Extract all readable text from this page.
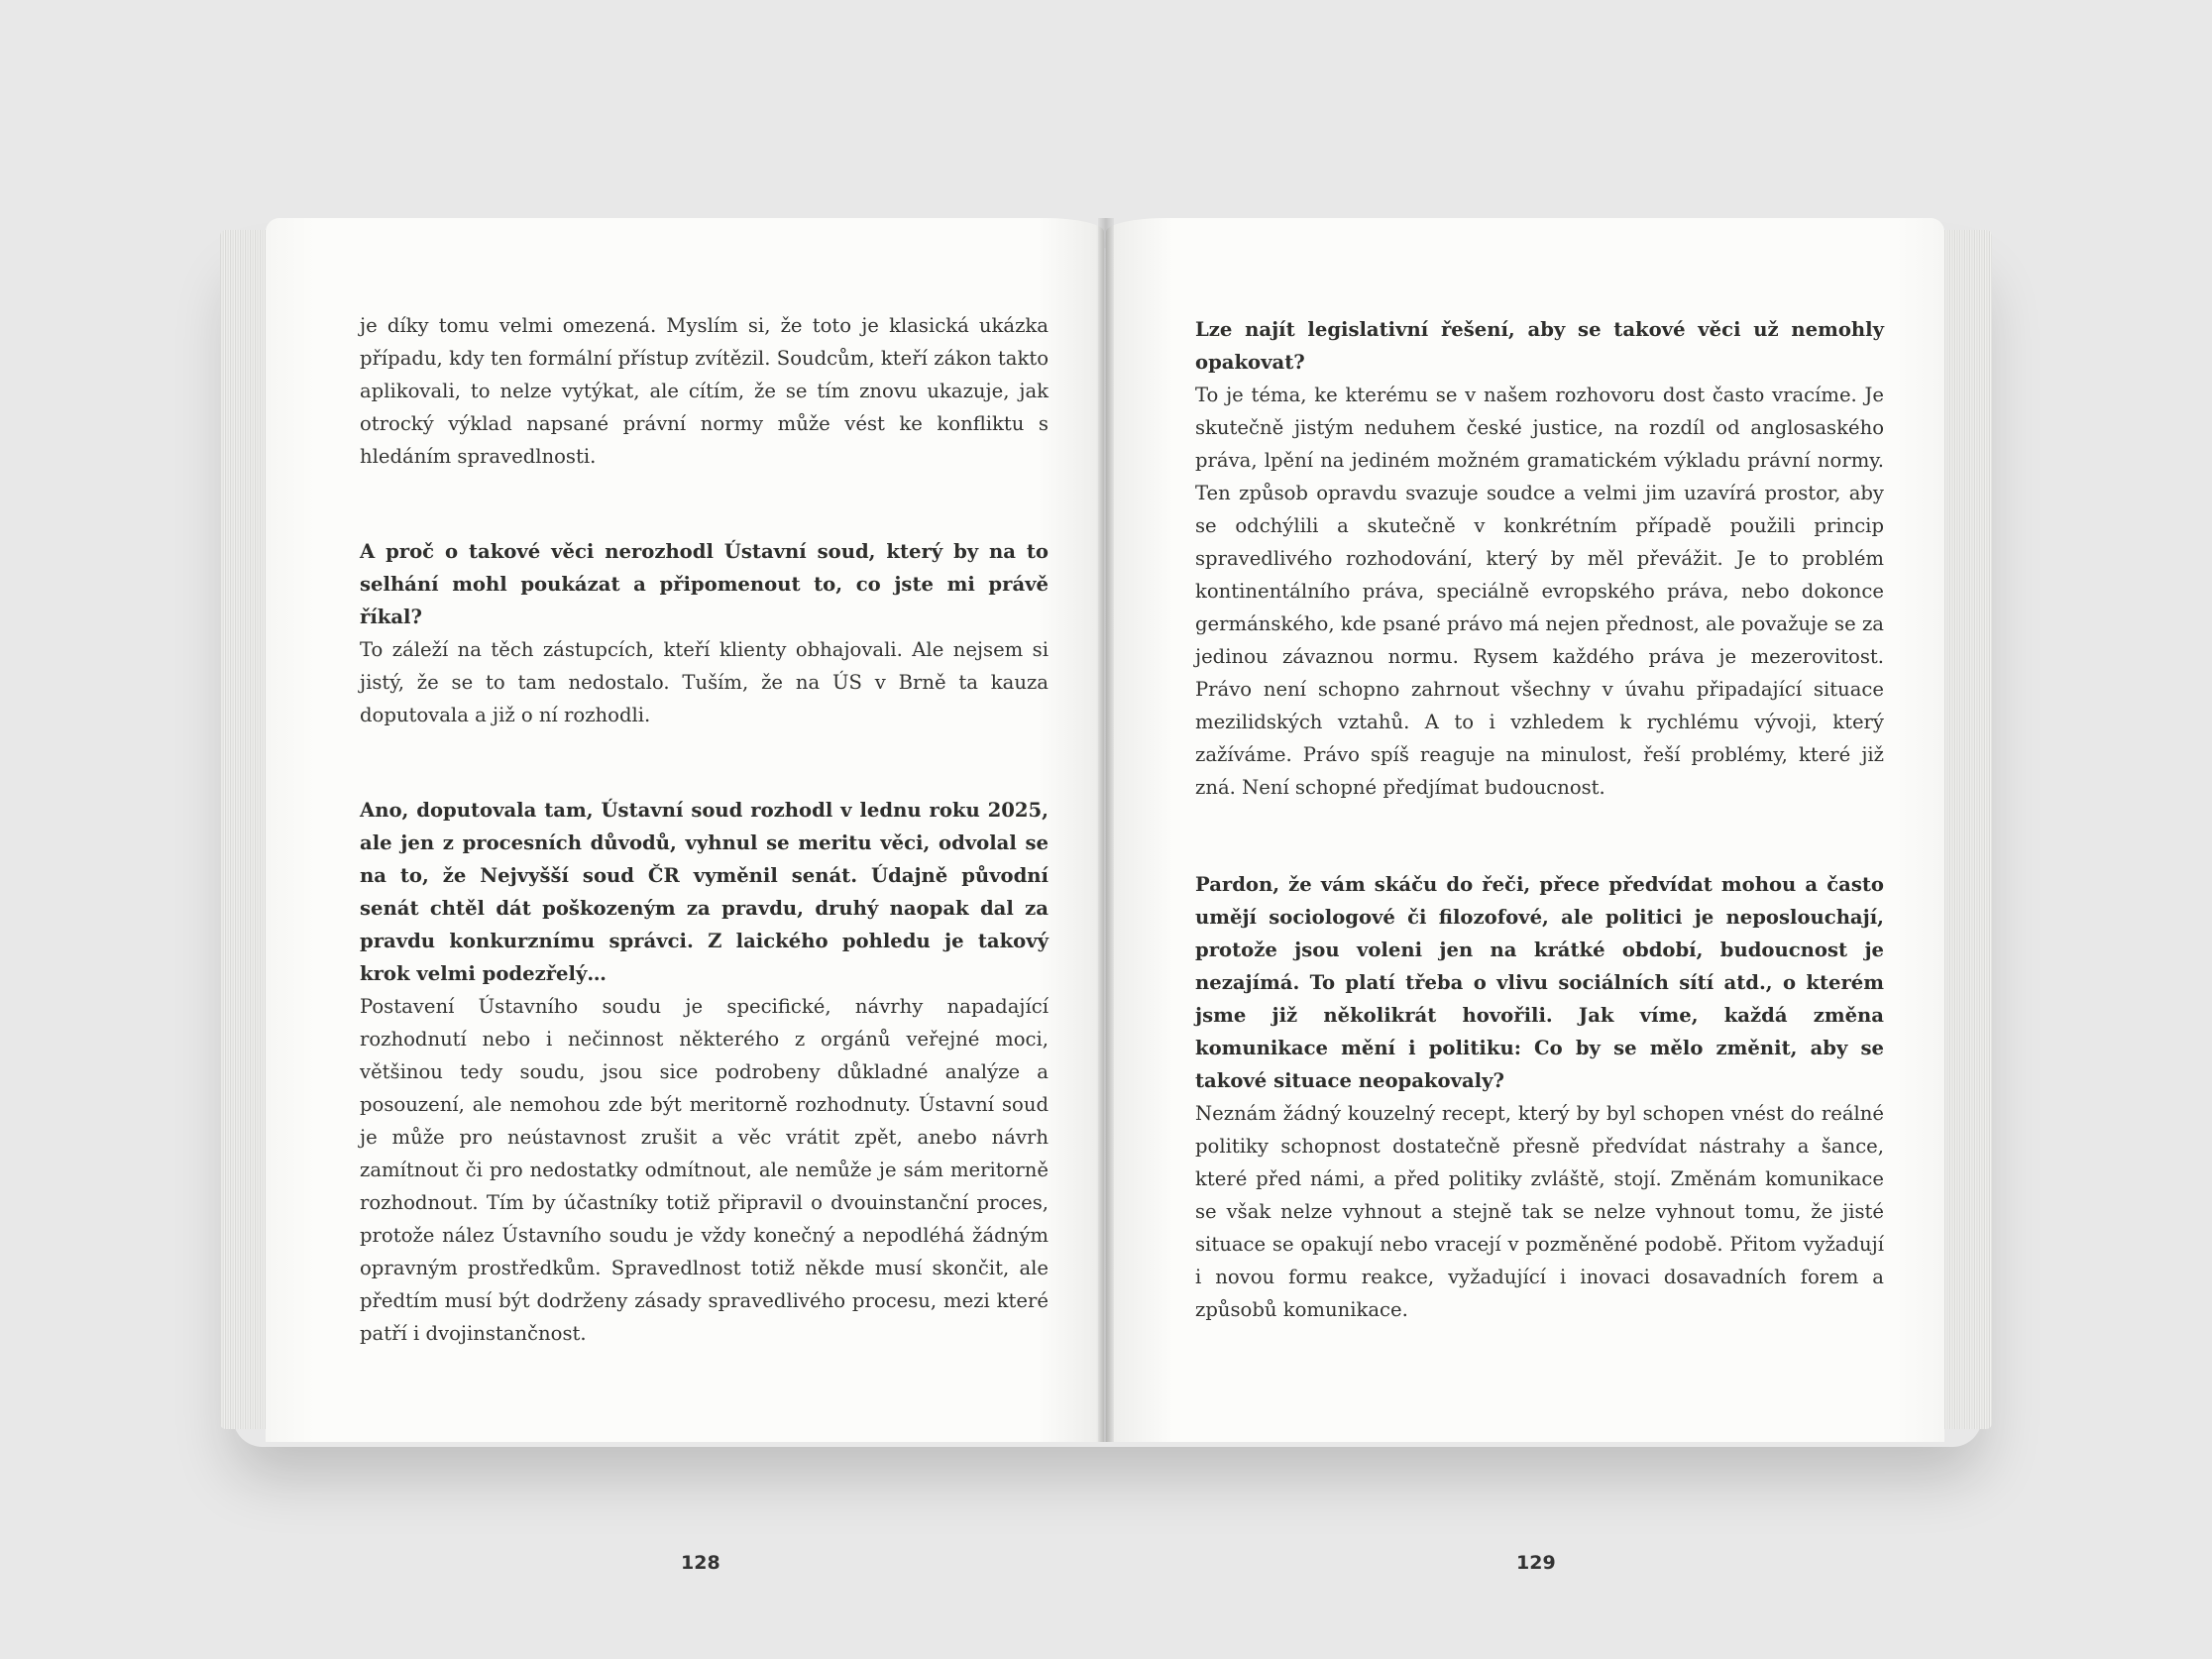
je díky tomu velmi omezená. Myslím si, že toto je klasická ukázka případu, kdy ten formální přístup zvítězil. Soudcům, kteří zákon takto aplikovali, to nelze vytýkat, ale cítím, že se tím znovu ukazuje, jak otrocký výklad napsané právní normy může vést ke konfliktu s hledáním spravedlnosti.

A proč o takové věci nerozhodl Ústavní soud, který by na to selhání mohl poukázat a připomenout to, co jste mi právě říkal?

To záleží na těch zástupcích, kteří klienty obhajovali. Ale nejsem si jistý, že se to tam nedostalo. Tuším, že na ÚS v Brně ta kauza doputovala a již o ní rozhodli.

Ano, doputovala tam, Ústavní soud rozhodl v lednu roku 2025, ale jen z procesních důvodů, vyhnul se meritu věci, odvolal se na to, že Nejvyšší soud ČR vyměnil senát. Údajně původní senát chtěl dát poškozeným za pravdu, druhý naopak dal za pravdu konkurznímu správci. Z laického pohledu je takový krok velmi podezřelý…

Postavení Ústavního soudu je specifické, návrhy napadající rozhodnutí nebo i nečinnost některého z orgánů veřejné moci, většinou tedy soudu, jsou sice podrobeny důkladné analýze a posouzení, ale nemohou zde být meritorně rozhodnuty. Ústavní soud je může pro neústavnost zrušit a věc vrátit zpět, anebo návrh zamítnout či pro nedostatky odmítnout, ale nemůže je sám meritorně rozhodnout. Tím by účastníky totiž připravil o dvouinstanční proces, protože nález Ústavního soudu je vždy konečný a nepodléhá žádným opravným prostředkům. Spravedlnost totiž někde musí skončit, ale předtím musí být dodrženy zásady spravedlivého procesu, mezi které patří i dvojinstančnost.

128

Lze najít legislativní řešení, aby se takové věci už nemohly opakovat?

To je téma, ke kterému se v našem rozhovoru dost často vracíme. Je skutečně jistým neduhem české justice, na rozdíl od anglosaského práva, lpění na jediném možném gramatickém výkladu právní normy. Ten způsob opravdu svazuje soudce a velmi jim uzavírá prostor, aby se odchýlili a skutečně v konkrétním případě použili princip spravedlivého rozhodování, který by měl převážit. Je to problém kontinentálního práva, speciálně evropského práva, nebo dokonce germánského, kde psané právo má nejen přednost, ale považuje se za jedinou závaznou normu. Rysem každého práva je mezerovitost. Právo není schopno zahrnout všechny v úvahu připadající situace mezilidských vztahů. A to i vzhledem k rychlému vývoji, který zažíváme. Právo spíš reaguje na minulost, řeší problémy, které již zná. Není schopné předjímat budoucnost.

Pardon, že vám skáču do řeči, přece předvídat mohou a často umějí sociologové či filozofové, ale politici je neposlouchají, protože jsou voleni jen na krátké období, budoucnost je nezajímá. To platí třeba o vlivu sociálních sítí atd., o kterém jsme již několikrát hovořili. Jak víme, každá změna komunikace mění i politiku: Co by se mělo změnit, aby se takové situace neopakovaly?

Neznám žádný kouzelný recept, který by byl schopen vnést do reálné politiky schopnost dostatečně přesně předvídat nástrahy a šance, které před námi, a před politiky zvláště, stojí. Změnám komunikace se však nelze vyhnout a stejně tak se nelze vyhnout tomu, že jisté situace se opakují nebo vracejí v pozměněné podobě. Přitom vyžadují i novou formu reakce, vyžadující i inovaci dosavadních forem a způsobů komunikace.

129
